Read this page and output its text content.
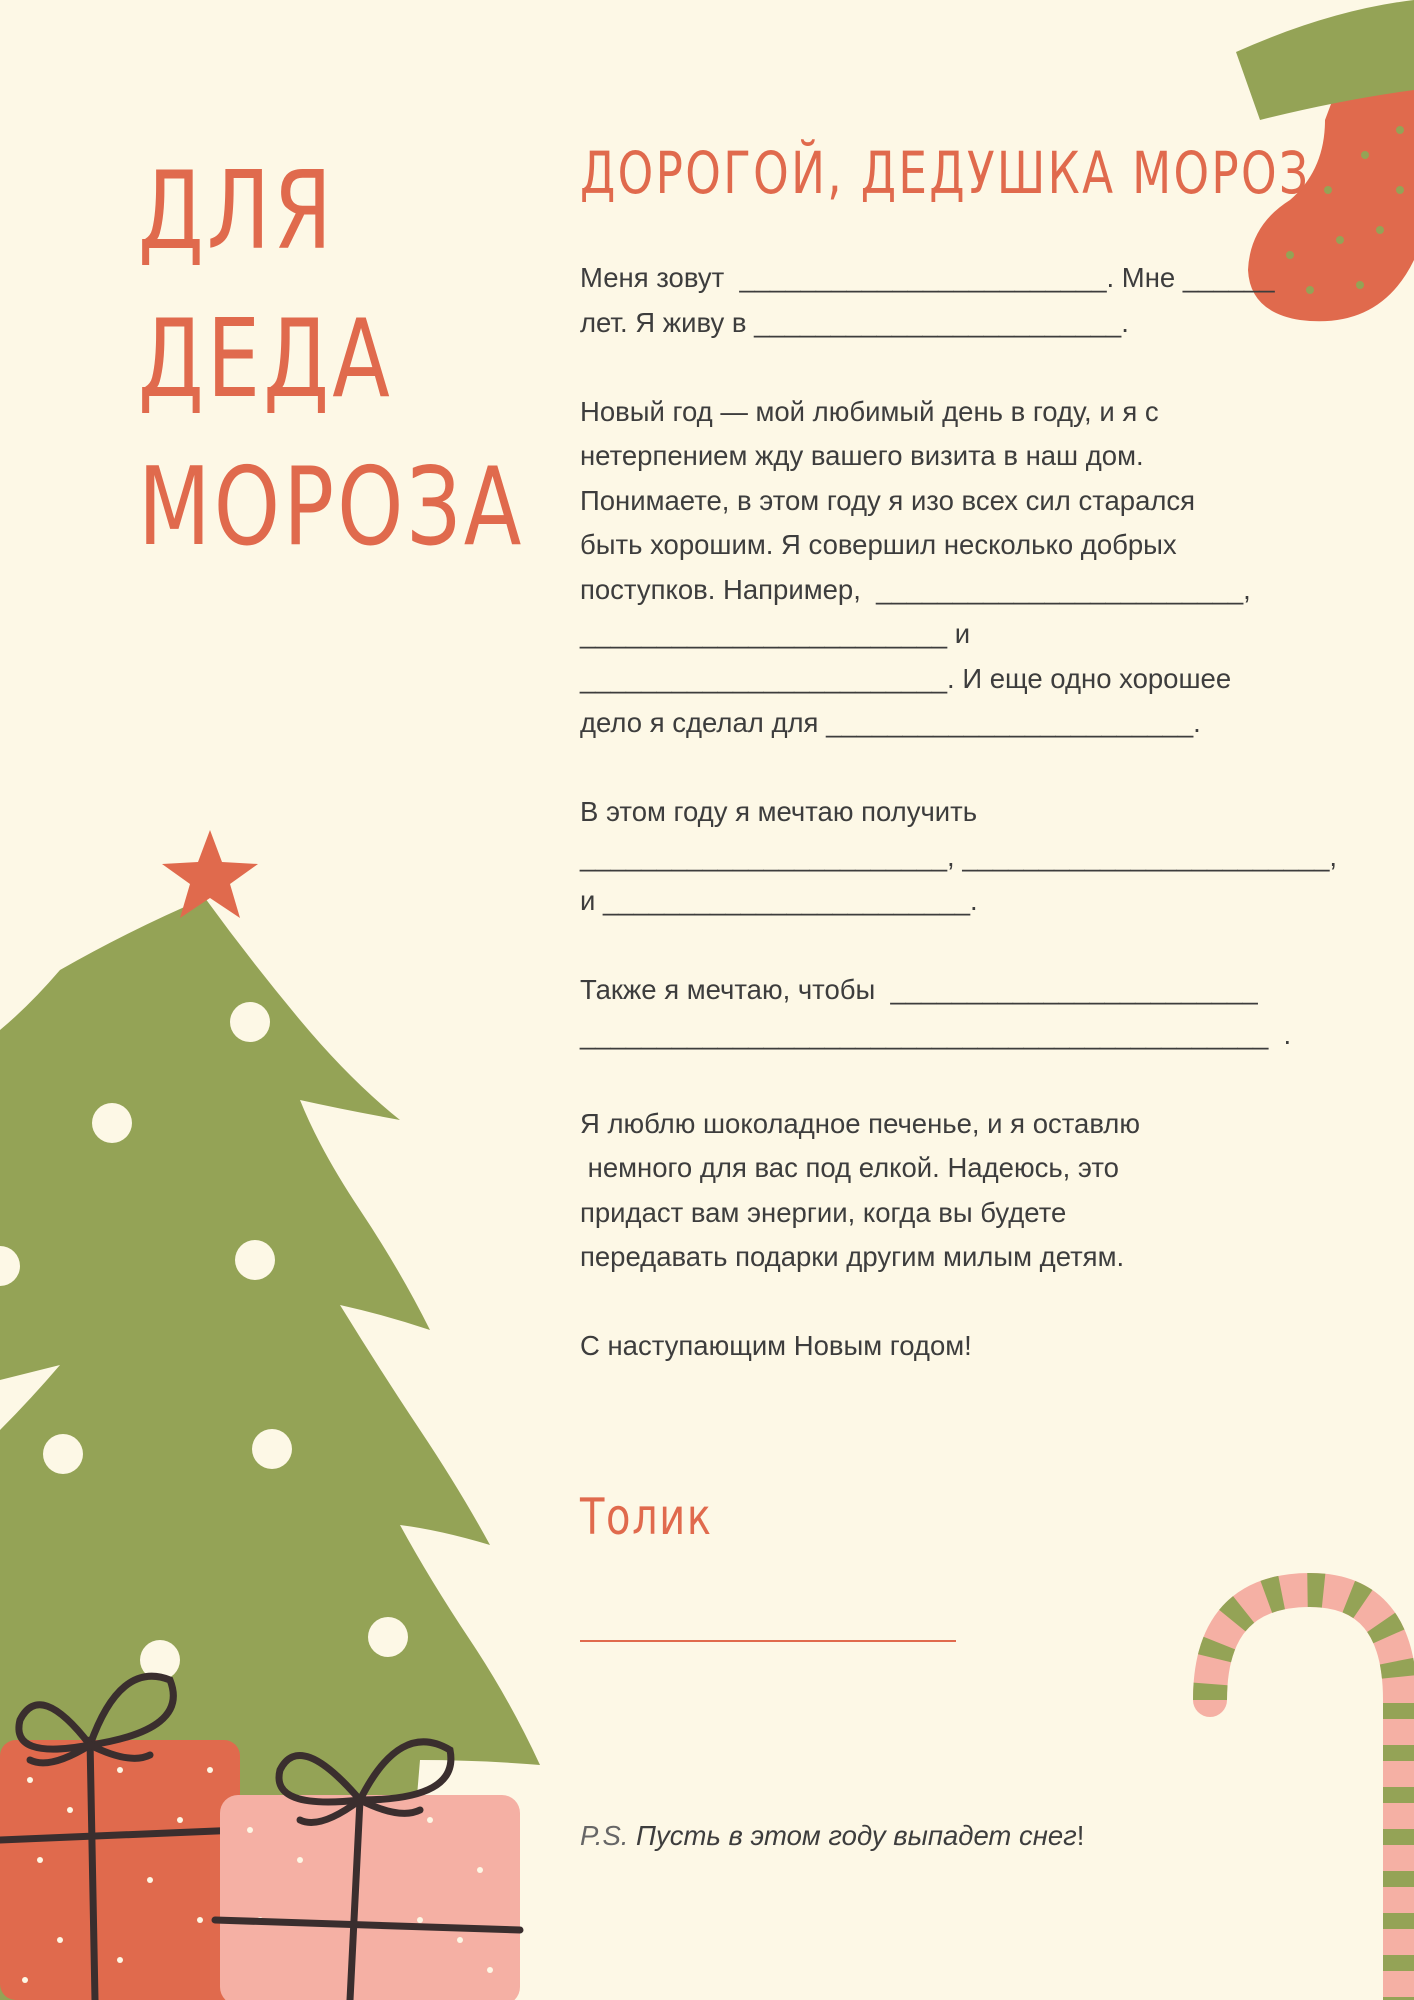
ДЛЯ
ДЕДА
МОРОЗА
ДОРОГОЙ, ДЕДУШКА МОРОЗ

Меня зовут  ________________________. Мне ______
лет. Я живу в ________________________.

Новый год — мой любимый день в году, и я с
нетерпением жду вашего визита в наш дом.
Понимаете, в этом году я изо всех сил старался
быть хорошим. Я совершил несколько добрых
поступков. Например,  ________________________,
________________________ и
________________________. И еще одно хорошее
дело я сделал для ________________________.

В этом году я мечтаю получить
________________________, ________________________,
и ________________________.

Также я мечтаю, чтобы  ________________________
_____________________________________________  .

Я люблю шоколадное печенье, и я оставлю
немного для вас под елкой. Надеюсь, это
придаст вам энергии, когда вы будете
передавать подарки другим милым детям.

С наступающим Новым годом!

Толик
P.S. Пусть в этом году выпадет снег!
